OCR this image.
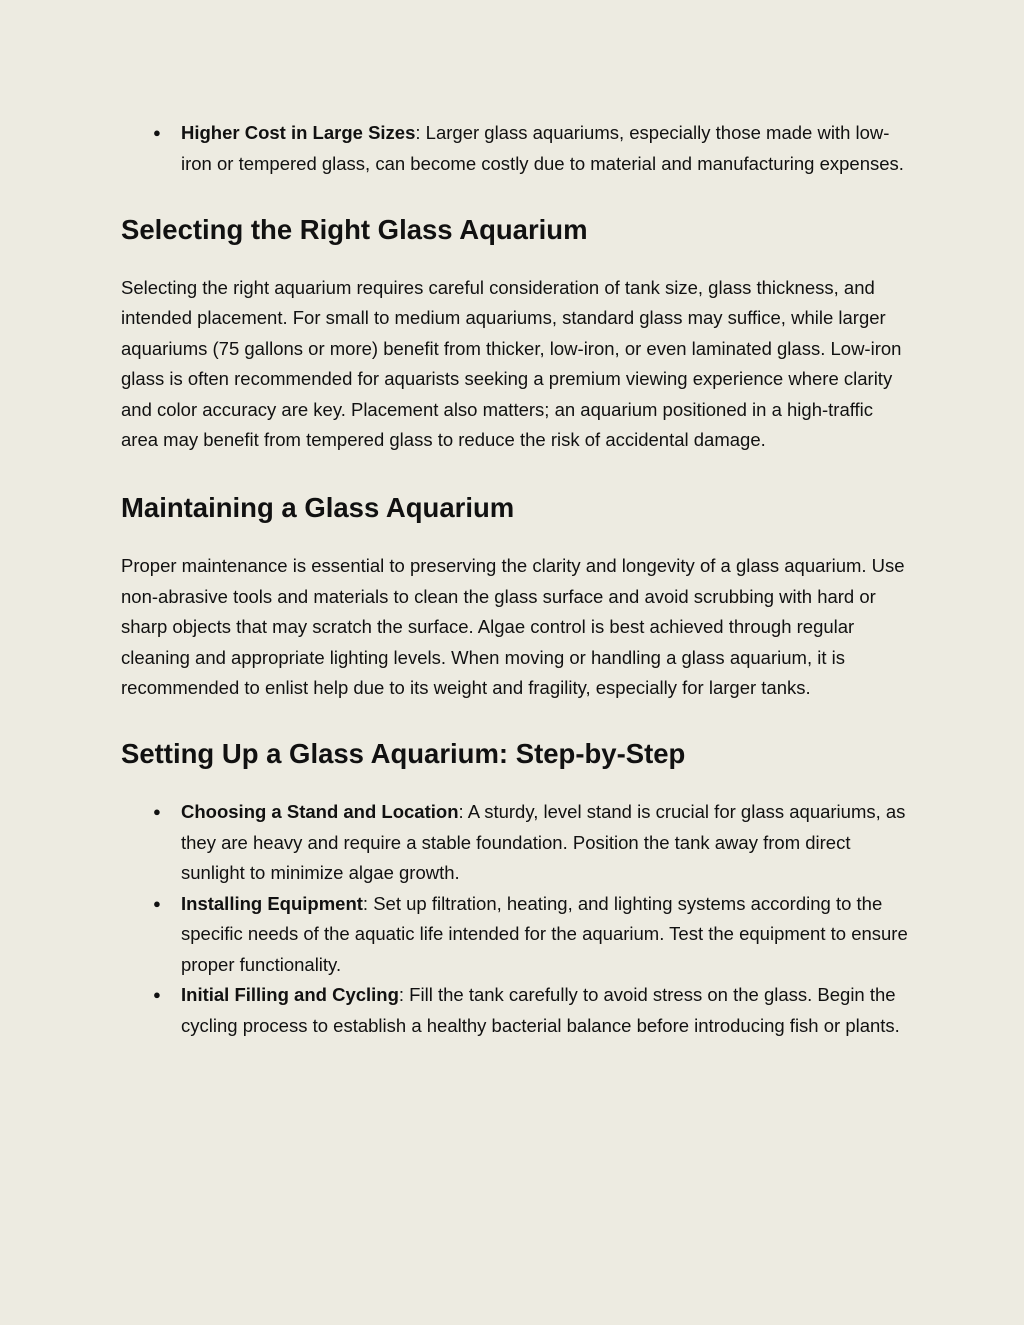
● Higher Cost in Large Sizes: Larger glass aquariums, especially those made with low-iron or tempered glass, can become costly due to material and manufacturing expenses.
Selecting the Right Glass Aquarium

Selecting the right aquarium requires careful consideration of tank size, glass thickness, and intended placement. For small to medium aquariums, standard glass may suffice, while larger aquariums (75 gallons or more) benefit from thicker, low-iron, or even laminated glass. Low-iron glass is often recommended for aquarists seeking a premium viewing experience where clarity and color accuracy are key. Placement also matters; an aquarium positioned in a high-traffic area may benefit from tempered glass to reduce the risk of accidental damage.

Maintaining a Glass Aquarium

Proper maintenance is essential to preserving the clarity and longevity of a glass aquarium. Use non-abrasive tools and materials to clean the glass surface and avoid scrubbing with hard or sharp objects that may scratch the surface. Algae control is best achieved through regular cleaning and appropriate lighting levels. When moving or handling a glass aquarium, it is recommended to enlist help due to its weight and fragility, especially for larger tanks.

Setting Up a Glass Aquarium: Step-by-Step
● Choosing a Stand and Location: A sturdy, level stand is crucial for glass aquariums, as they are heavy and require a stable foundation. Position the tank away from direct sunlight to minimize algae growth.
● Installing Equipment: Set up filtration, heating, and lighting systems according to the specific needs of the aquatic life intended for the aquarium. Test the equipment to ensure proper functionality.
● Initial Filling and Cycling: Fill the tank carefully to avoid stress on the glass. Begin the cycling process to establish a healthy bacterial balance before introducing fish or plants.
